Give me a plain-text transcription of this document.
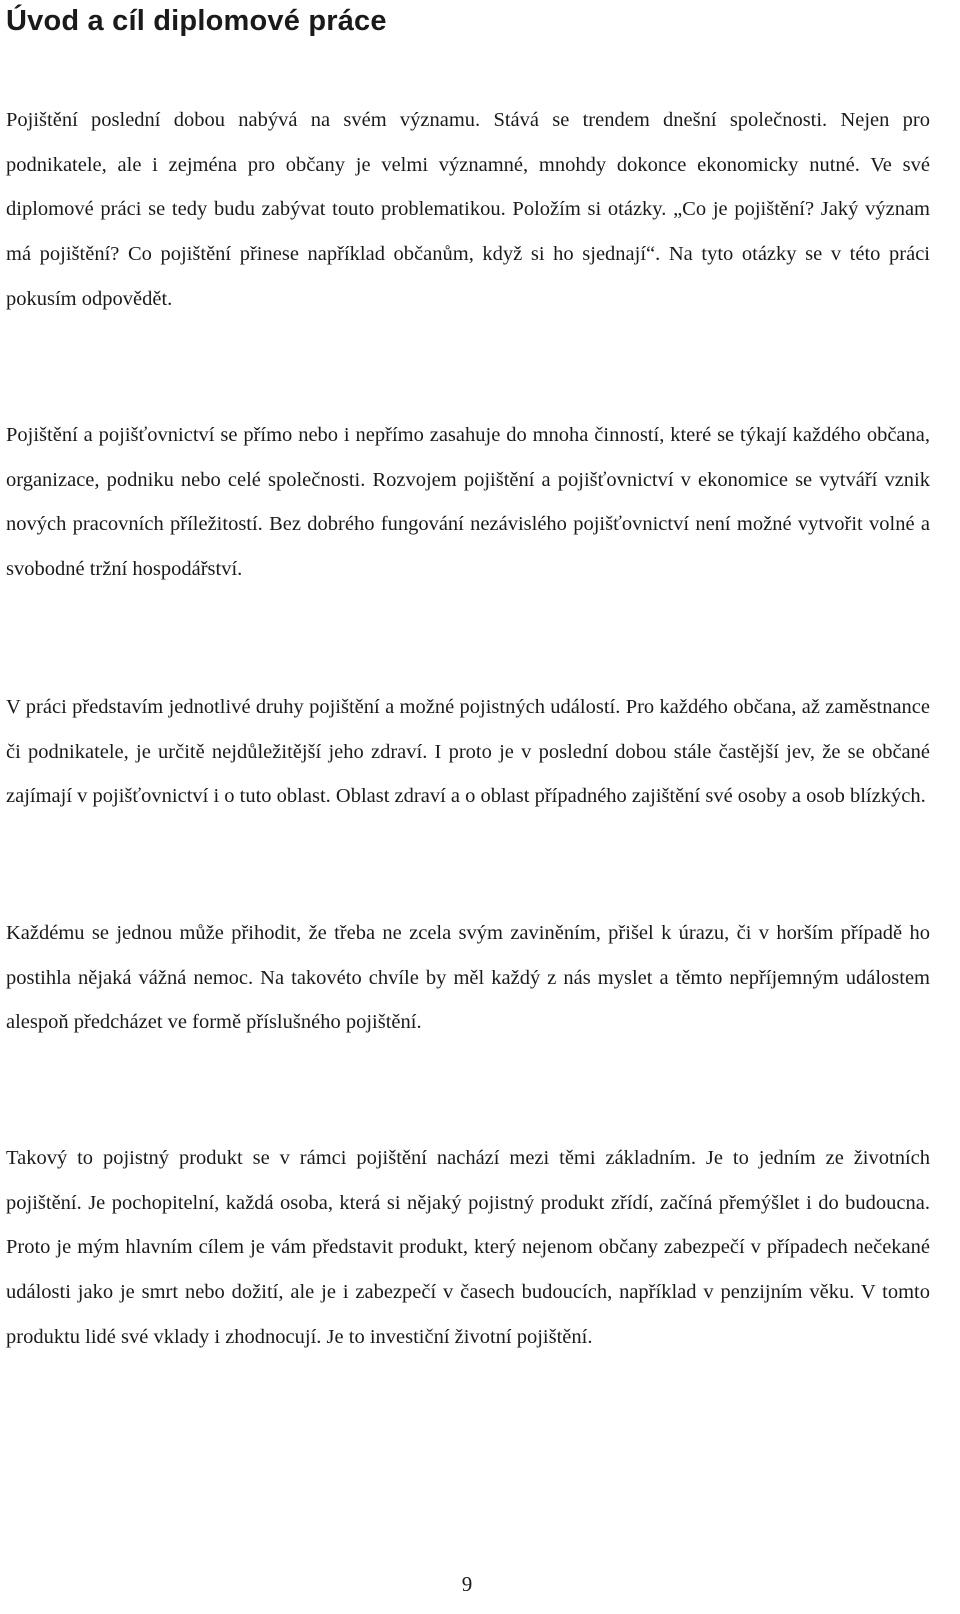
Úvod a cíl diplomové práce

Pojištění poslední dobou nabývá na svém významu. Stává se trendem dnešní společnosti. Nejen pro podnikatele, ale i zejména pro občany je velmi významné, mnohdy dokonce ekonomicky nutné. Ve své diplomové práci se tedy budu zabývat touto problematikou. Položím si otázky. „Co je pojištění? Jaký význam má pojištění? Co pojištění přinese například občanům, když si ho sjednají“. Na tyto otázky se v této práci pokusím odpovědět.

Pojištění a pojišťovnictví se přímo nebo i nepřímo zasahuje do mnoha činností, které se týkají každého občana, organizace, podniku nebo celé společnosti. Rozvojem pojištění a pojišťovnictví v ekonomice se vytváří vznik nových pracovních příležitostí. Bez dobrého fungování nezávislého pojišťovnictví není možné vytvořit volné a svobodné tržní hospodářství.

V práci představím jednotlivé druhy pojištění a možné pojistných událostí. Pro každého občana, až zaměstnance či podnikatele, je určitě nejdůležitější jeho zdraví. I proto je v poslední dobou stále častější jev, že se občané zajímají v pojišťovnictví i o tuto oblast. Oblast zdraví a o oblast případného zajištění své osoby a osob blízkých.

Každému se jednou může přihodit, že třeba ne zcela svým zaviněním, přišel k úrazu, či v horším případě ho postihla nějaká vážná nemoc. Na takovéto chvíle by měl každý z nás myslet a těmto nepříjemným událostem alespoň předcházet ve formě příslušného pojištění.

Takový to pojistný produkt se v rámci pojištění nachází mezi těmi základním. Je to jedním ze životních pojištění. Je pochopitelní, každá osoba, která si nějaký pojistný produkt zřídí, začíná přemýšlet i do budoucna. Proto je mým hlavním cílem je vám představit produkt, který nejenom občany zabezpečí v případech nečekané události jako je smrt nebo dožití, ale je i zabezpečí v časech budoucích, například v penzijním věku. V tomto produktu lidé své vklady i zhodnocují. Je to investiční životní pojištění.

9
